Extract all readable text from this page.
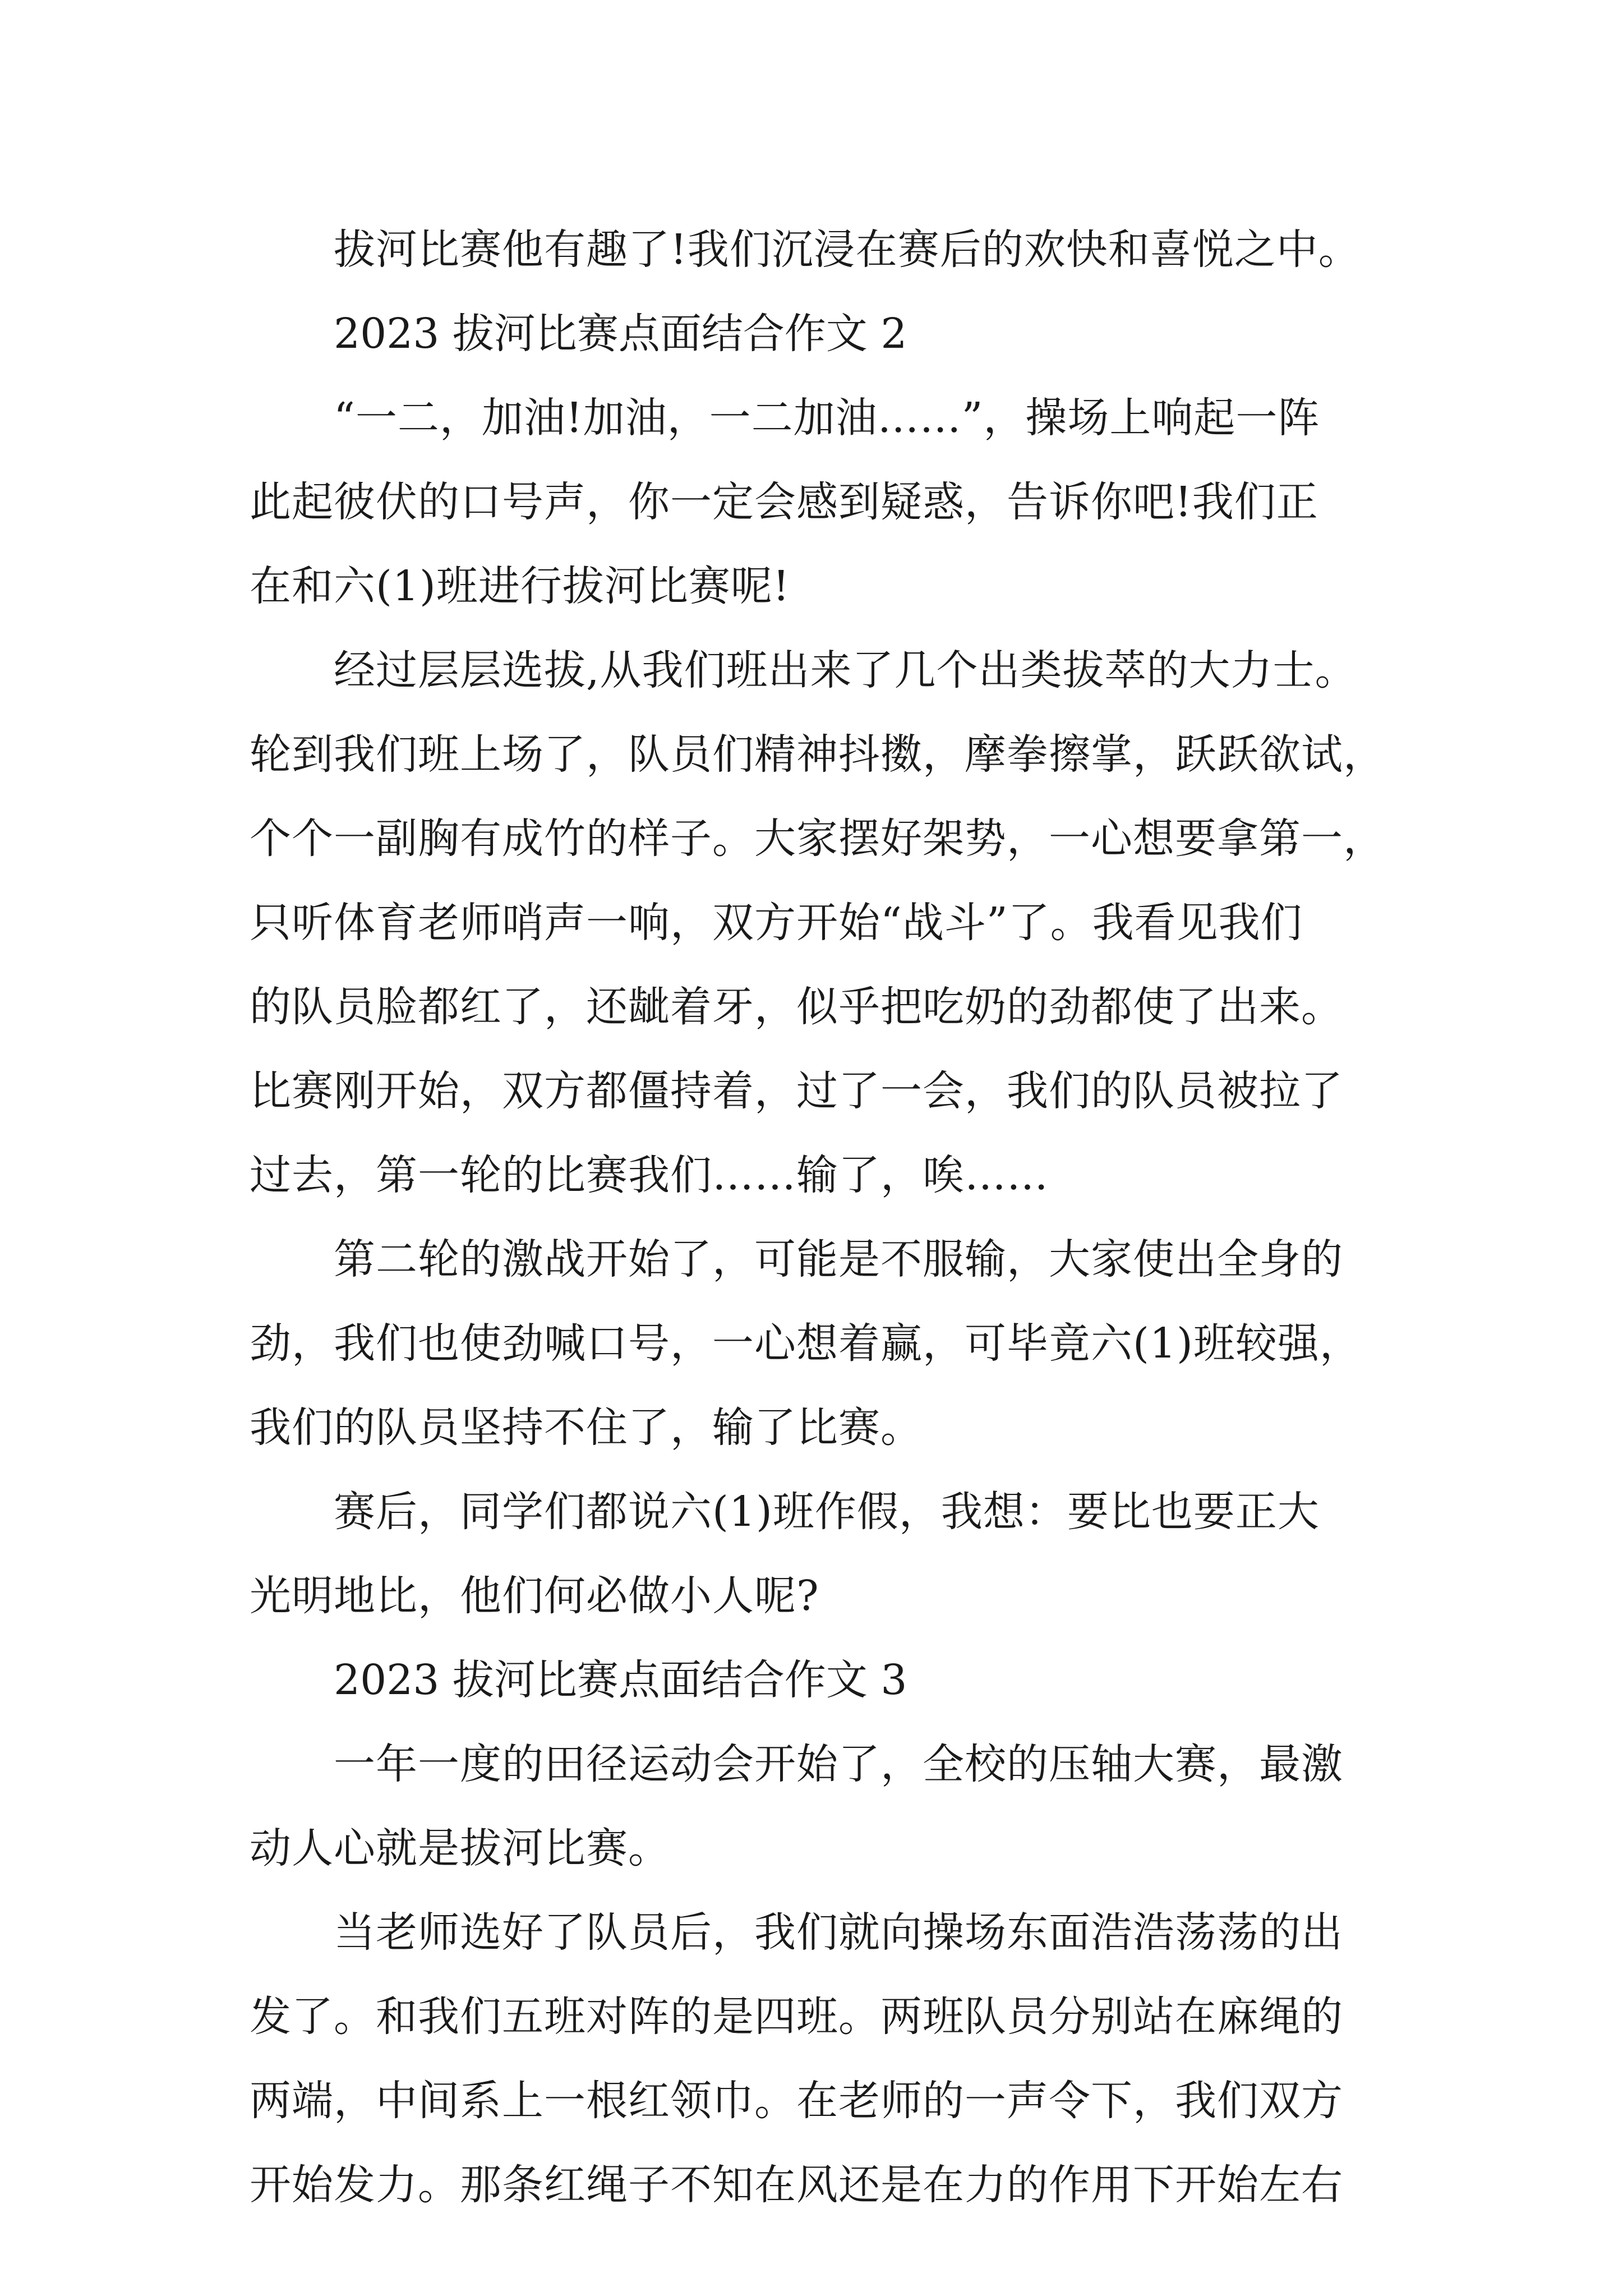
拔河比赛他有趣了!我们沉浸在赛后的欢快和喜悦之中。
2023 拔河比赛点面结合作文 2
“一二，加油!加油，一二加油……”，操场上响起一阵
此起彼伏的口号声，你一定会感到疑惑，告诉你吧!我们正
在和六(1)班进行拔河比赛呢!
经过层层选拔,从我们班出来了几个出类拔萃的大力士。
轮到我们班上场了，队员们精神抖擞，摩拳擦掌，跃跃欲试，
个个一副胸有成竹的样子。大家摆好架势，一心想要拿第一，
只听体育老师哨声一响，双方开始“战斗”了。我看见我们
的队员脸都红了，还龇着牙，似乎把吃奶的劲都使了出来。
比赛刚开始，双方都僵持着，过了一会，我们的队员被拉了
过去，第一轮的比赛我们……输了，唉……
第二轮的激战开始了，可能是不服输，大家使出全身的
劲，我们也使劲喊口号，一心想着赢，可毕竟六(1)班较强，
我们的队员坚持不住了，输了比赛。
赛后，同学们都说六(1)班作假，我想：要比也要正大
光明地比，他们何必做小人呢?
2023 拔河比赛点面结合作文 3
一年一度的田径运动会开始了，全校的压轴大赛，最激
动人心就是拔河比赛。
当老师选好了队员后，我们就向操场东面浩浩荡荡的出
发了。和我们五班对阵的是四班。两班队员分别站在麻绳的
两端，中间系上一根红领巾。在老师的一声令下，我们双方
开始发力。那条红绳子不知在风还是在力的作用下开始左右
